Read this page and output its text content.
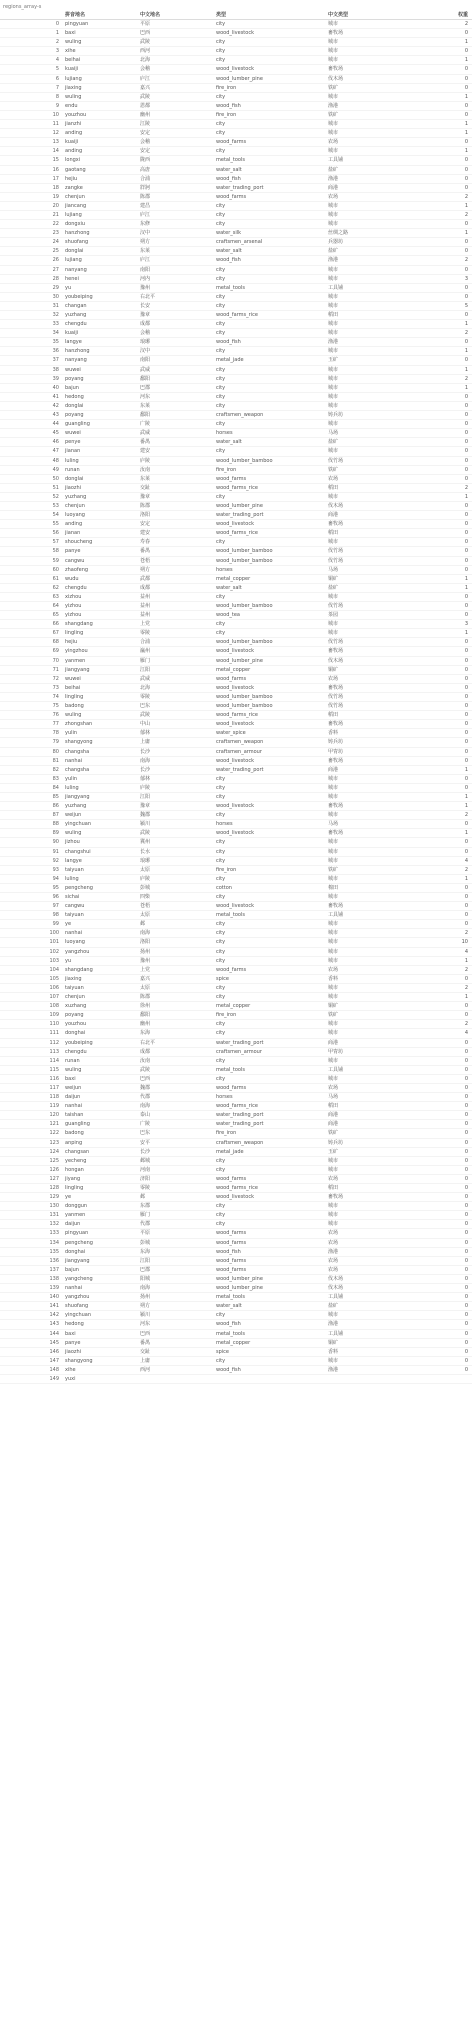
regions_array-s
拼音地名	中文地名	类型	中文类型	权重
0	pingyuan	平原	city	城市	2
1	baxi	巴西	wood_livestock	畜牧场	0
2	wuling	武陵	city	城市	1
3	xihe	西河	city	城市	0
4	beihai	北海	city	城市	1
5	kuaiji	会稽	wood_livestock	畜牧场	0
6	lujiang	庐江	wood_lumber_pine	伐木场	0
7	jiaxing	嘉兴	fire_iron	铁矿	0
8	wuling	武陵	city	城市	1
9	endu	恩都	wood_fish	渔港	0
10	youzhou	幽州	fire_iron	铁矿	0
11	jianzhi	江陵	city	城市	1
12	anding	安定	city	城市	1
13	kuaiji	会稽	wood_farms	农场	0
14	anding	安定	city	城市	1
15	longxi	陇西	metal_tools	工具铺	0
16	gaotang	高唐	water_salt	盐矿	0
17	hejiu	合浦	wood_fish	渔港	0
18	zangke	牂牁	water_trading_port	商港	0
19	chenjun	陈郡	wood_farms	农场	2
20	jiancang	建昌	city	城市	1
21	lujiang	庐江	city	城市	2
22	dongxiu	东修	city	城市	0
23	hanzhong	汉中	water_silk	丝绸之路	1
24	shuofang	朔方	craftsmen_arsenal	兵器坊	0
25	donglai	东莱	water_salt	盐矿	0
26	lujiang	庐江	wood_fish	渔港	2
27	nanyang	南阳	city	城市	0
28	henei	河内	city	城市	3
29	yu	豫州	metal_tools	工具铺	0
30	youbeiping	右北平	city	城市	0
31	changan	长安	city	城市	5
32	yuzhang	豫章	wood_farms_rice	稻田	0
33	chengdu	成都	city	城市	1
34	kuaiji	会稽	city	城市	2
35	langye	琅琊	wood_fish	渔港	0
36	hanzhong	汉中	city	城市	1
37	nanyang	南阳	metal_jade	玉矿	0
38	wuwei	武威	city	城市	1
39	poyang	鄱阳	city	城市	2
40	bajun	巴郡	city	城市	1
41	hedong	河东	city	城市	0
42	donglai	东莱	city	城市	0
43	poyang	鄱阳	craftsmen_weapon	铸兵坊	0
44	guangling	广陵	city	城市	0
45	wuwei	武威	horses	马场	0
46	penye	番禺	water_salt	盐矿	0
47	jianan	建安	city	城市	0
48	luling	庐陵	wood_lumber_bamboo	伐竹场	0
49	runan	汝南	fire_iron	铁矿	0
50	donglai	东莱	wood_farms	农场	0
51	jiaozhi	交趾	wood_farms_rice	稻田	2
52	yuzhang	豫章	city	城市	1
53	chenjun	陈郡	wood_lumber_pine	伐木场	0
54	luoyang	洛阳	water_trading_port	商港	0
55	anding	安定	wood_livestock	畜牧场	0
56	jianan	建安	wood_farms_rice	稻田	0
57	shoucheng	寿春	city	城市	0
58	panye	番禺	wood_lumber_bamboo	伐竹场	0
59	cangwu	苍梧	wood_lumber_bamboo	伐竹场	0
60	zhaofeng	朔方	horses	马场	0
61	wudu	武都	metal_copper	铜矿	1
62	chengdu	成都	water_salt	盐矿	1
63	xizhou	益州	city	城市	0
64	yizhou	益州	wood_lumber_bamboo	伐竹场	0
65	yizhou	益州	wood_tea	茶园	0
66	shangdang	上党	city	城市	3
67	lingling	零陵	city	城市	1
68	hejiu	合浦	wood_lumber_bamboo	伐竹场	0
69	yingzhou	瀛州	wood_livestock	畜牧场	0
70	yanmen	雁门	wood_lumber_pine	伐木场	0
71	jiangyang	江阳	metal_copper	铜矿	0
72	wuwei	武威	wood_farms	农场	0
73	beihai	北海	wood_livestock	畜牧场	0
74	lingling	零陵	wood_lumber_bamboo	伐竹场	0
75	badong	巴东	wood_lumber_bamboo	伐竹场	0
76	wuling	武陵	wood_farms_rice	稻田	0
77	zhongshan	中山	wood_livestock	畜牧场	0
78	yulin	郁林	water_spice	香料	0
79	shangyong	上庸	craftsmen_weapon	铸兵坊	0
80	changsha	长沙	craftsmen_armour	甲胄坊	0
81	nanhai	南海	wood_livestock	畜牧场	0
82	changsha	长沙	water_trading_port	商港	1
83	yulin	郁林	city	城市	0
84	luling	庐陵	city	城市	0
85	jiangyang	江阳	city	城市	1
86	yuzhang	豫章	wood_livestock	畜牧场	1
87	weijun	魏郡	city	城市	2
88	yingchuan	颍川	horses	马场	0
89	wuling	武陵	wood_livestock	畜牧场	1
90	jizhou	冀州	city	城市	0
91	changshui	长水	city	城市	0
92	langye	琅琊	city	城市	4
93	taiyuan	太原	fire_iron	铁矿	2
94	luling	庐陵	city	城市	1
95	pengcheng	彭城	cotton	棉田	0
96	sichai	四柴	city	城市	0
97	cangwu	苍梧	wood_livestock	畜牧场	0
98	taiyuan	太原	metal_tools	工具铺	0
99	ye	邺	city	城市	0
100	nanhai	南海	city	城市	2
101	luoyang	洛阳	city	城市	10
102	yangzhou	扬州	city	城市	4
103	yu	豫州	city	城市	1
104	shangdang	上党	wood_farms	农场	2
105	jiaxing	嘉兴	spice	香料	0
106	taiyuan	太原	city	城市	2
107	chenjun	陈郡	city	城市	1
108	xuzhang	徐州	metal_copper	铜矿	0
109	poyang	鄱阳	fire_iron	铁矿	0
110	youzhou	幽州	city	城市	2
111	donghai	东海	city	城市	4
112	youbeiping	右北平	water_trading_port	商港	0
113	chengdu	成都	craftsmen_armour	甲胄坊	0
114	runan	汝南	city	城市	0
115	wuling	武陵	metal_tools	工具铺	0
116	baxi	巴西	city	城市	0
117	weijun	魏郡	wood_farms	农场	0
118	daijun	代郡	horses	马场	0
119	nanhai	南海	wood_farms_rice	稻田	0
120	taishan	泰山	water_trading_port	商港	0
121	guangling	广陵	water_trading_port	商港	0
122	badong	巴东	fire_iron	铁矿	0
123	anping	安平	craftsmen_weapon	铸兵坊	0
124	changsan	长沙	metal_jade	玉矿	0
125	yecheng	邺城	city	城市	0
126	hongan	河南	city	城市	0
127	jiyang	济阳	wood_farms	农场	0
128	lingling	零陵	wood_farms_rice	稻田	0
129	ye	邺	wood_livestock	畜牧场	0
130	donggun	东郡	city	城市	0
131	yanmen	雁门	city	城市	0
132	daijun	代郡	city	城市	0
133	pingyuan	平原	wood_farms	农场	0
134	pengcheng	彭城	wood_farms	农场	0
135	donghai	东海	wood_fish	渔港	0
136	jiangyang	江阳	wood_farms	农场	0
137	bajun	巴郡	wood_farms	农场	0
138	yangcheng	阳城	wood_lumber_pine	伐木场	0
139	nanhai	南海	wood_lumber_pine	伐木场	0
140	yangzhou	扬州	metal_tools	工具铺	0
141	shuofang	朔方	water_salt	盐矿	0
142	yingchuan	颍川	city	城市	0
143	hedong	河东	wood_fish	渔港	0
144	baxi	巴西	metal_tools	工具铺	0
145	panye	番禺	metal_copper	铜矿	0
146	jiaozhi	交趾	spice	香料	0
147	shangyong	上庸	city	城市	0
148	xihe	西河	wood_fish	渔港	0
149	yuxi
